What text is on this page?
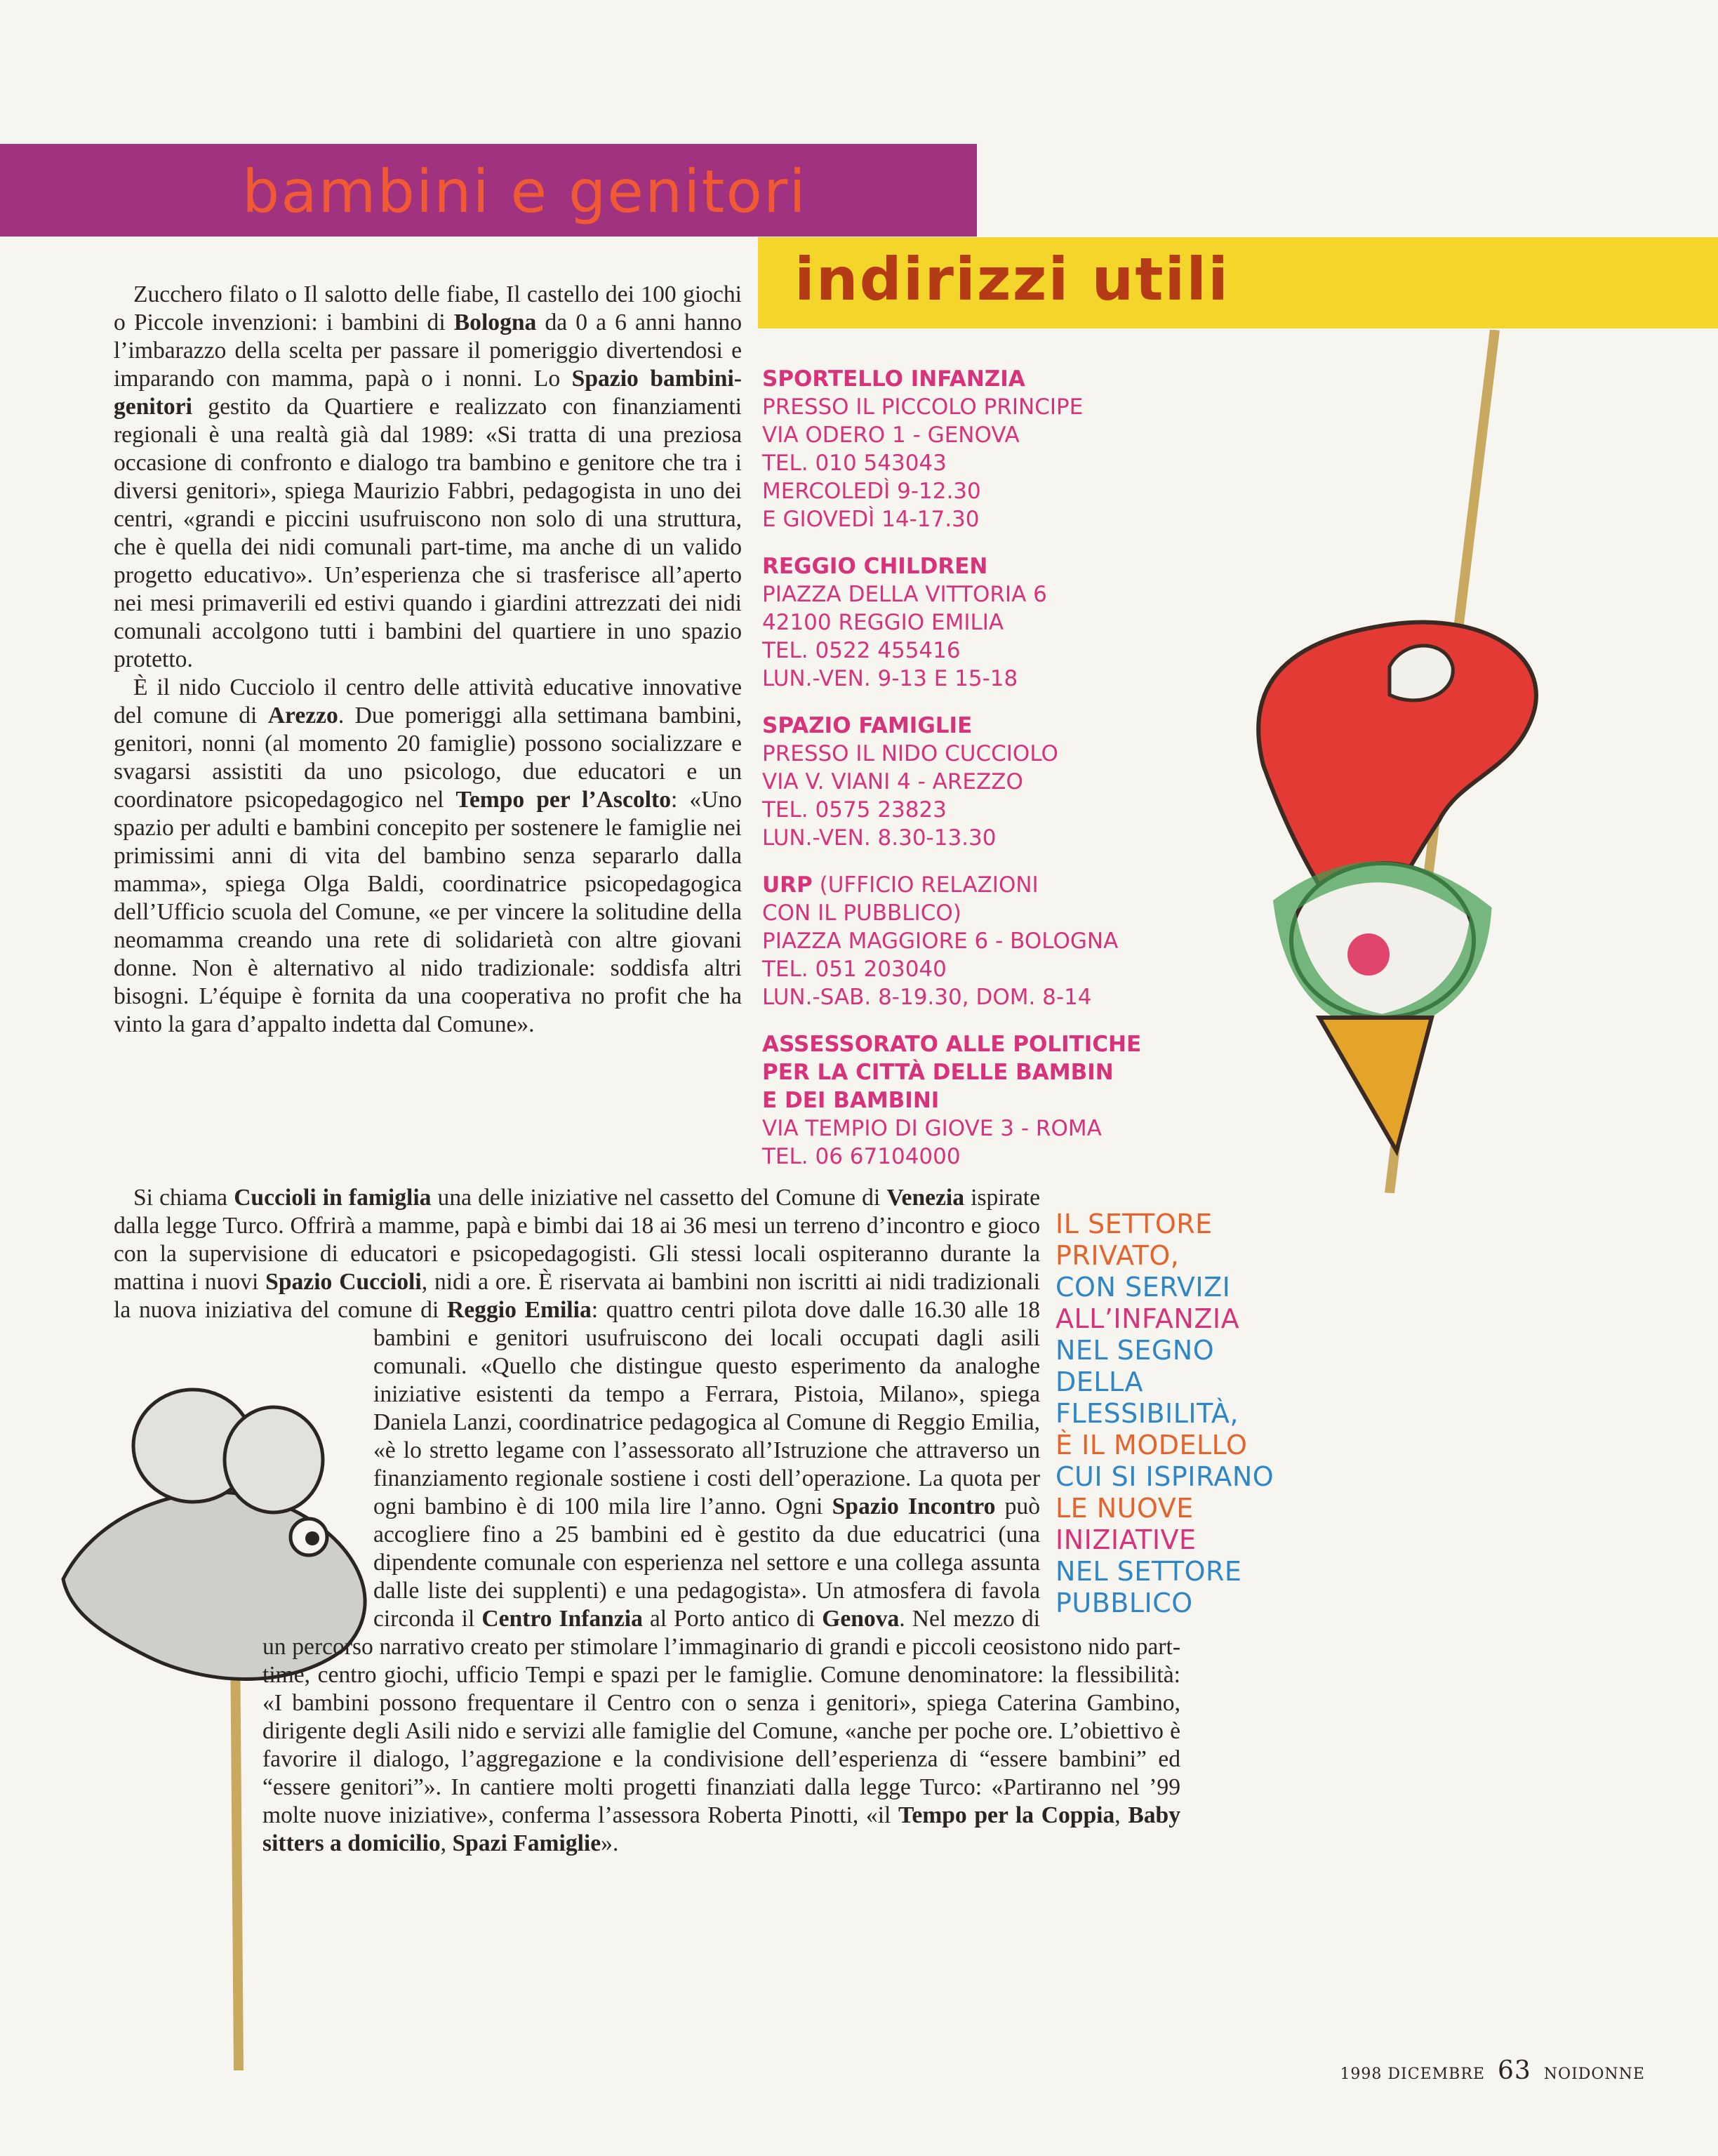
bambini e genitori
indirizzi utili

Zucchero filato o Il salotto delle fiabe, Il castello dei 100 giochi o Piccole invenzioni: i bambini di Bologna da 0 a 6 anni hanno l’imbarazzo della scelta per passare il pomeriggio divertendosi e imparando con mamma, papà o i nonni. Lo Spazio bambini-genitori gestito da Quartiere e realizzato con finanziamenti regionali è una realtà già dal 1989: «Si tratta di una preziosa occasione di confronto e dialogo tra bambino e genitore che tra i diversi genitori», spiega Maurizio Fabbri, pedagogista in uno dei centri, «grandi e piccini usufruiscono non solo di una struttura, che è quella dei nidi comunali part-time, ma anche di un valido progetto educativo». Un’esperienza che si trasferisce all’aperto nei mesi primaverili ed estivi quando i giardini attrezzati dei nidi comunali accolgono tutti i bambini del quartiere in uno spazio protetto.

È il nido Cucciolo il centro delle attività educative innovative del comune di Arezzo. Due pomeriggi alla settimana bambini, genitori, nonni (al momento 20 famiglie) possono socializzare e svagarsi assistiti da uno psicologo, due educatori e un coordinatore psicopedagogico nel Tempo per l’Ascolto: «Uno spazio per adulti e bambini concepito per sostenere le famiglie nei primissimi anni di vita del bambino senza separarlo dalla mamma», spiega Olga Baldi, coordinatrice psicopedagogica dell’Ufficio scuola del Comune, «e per vincere la solitudine della neomamma creando una rete di solidarietà con altre giovani donne. Non è alternativo al nido tradizionale: soddisfa altri bisogni. L’équipe è fornita da una cooperativa no profit che ha vinto la gara d’appalto indetta dal Comune».

Si chiama Cuccioli in famiglia una delle iniziative nel cassetto del Comune di Venezia ispirate dalla legge Turco. Offrirà a mamme, papà e bimbi dai 18 ai 36 mesi un terreno d’incontro e gioco con la supervisione di educatori e psicopedagogisti. Gli stessi locali ospiteranno durante la mattina i nuovi Spazio Cuccioli, nidi a ore. È riservata ai bambini non iscritti ai nidi tradizionali la nuova iniziativa del comune di Reggio Emilia: quattro centri pilota dove dalle 16.30 alle 18 bambini e genitori usufruiscono dei locali occupati dagli asili comunali. «Quello che distingue questo esperimento da analoghe iniziative esistenti da tempo a Ferrara, Pistoia, Milano», spiega Daniela Lanzi, coordinatrice pedagogica al Comune di Reggio Emilia, «è lo stretto legame con l’assessorato all’Istruzione che attraverso un finanziamento regionale sostiene i costi dell’operazione. La quota per ogni bambino è di 100 mila lire l’anno. Ogni Spazio Incontro può accogliere fino a 25 bambini ed è gestito da due educatrici (una dipendente comunale con esperienza nel settore e una collega assunta dalle liste dei supplenti) e una pedagogista». Un atmosfera di favola circonda il Centro Infanzia al Porto antico di Genova. Nel mezzo di un percorso narrativo creato per stimolare l’immaginario di grandi e piccoli ceosistono nido part-time, centro giochi, ufficio Tempi e spazi per le famiglie. Comune denominatore: la flessibilità: «I bambini possono frequentare il Centro con o senza i genitori», spiega Caterina Gambino, dirigente degli Asili nido e servizi alle famiglie del Comune, «anche per poche ore. L’obiettivo è favorire il dialogo, l’aggregazione e la condivisione dell’esperienza di “essere bambini” ed “essere genitori”». In cantiere molti progetti finanziati dalla legge Turco: «Partiranno nel ’99 molte nuove iniziative», conferma l’assessora Roberta Pinotti, «il Tempo per la Coppia, Baby sitters a domicilio, Spazi Famiglie».

SPORTELLO INFANZIA
PRESSO IL PICCOLO PRINCIPE
VIA ODERO 1 - GENOVA
TEL. 010 543043
MERCOLEDÌ 9-12.30
E GIOVEDÌ 14-17.30
REGGIO CHILDREN
PIAZZA DELLA VITTORIA 6
42100 REGGIO EMILIA
TEL. 0522 455416
LUN.-VEN. 9-13 E 15-18
SPAZIO FAMIGLIE
PRESSO IL NIDO CUCCIOLO
VIA V. VIANI 4 - AREZZO
TEL. 0575 23823
LUN.-VEN. 8.30-13.30
URP (UFFICIO RELAZIONI
CON IL PUBBLICO)
PIAZZA MAGGIORE 6 - BOLOGNA
TEL. 051 203040
LUN.-SAB. 8-19.30, DOM. 8-14
ASSESSORATO ALLE POLITICHE
PER LA CITTÀ DELLE BAMBIN
E DEI BAMBINI
VIA TEMPIO DI GIOVE 3 - ROMA
TEL. 06 67104000
IL SETTORE
PRIVATO,
CON SERVIZI
ALL’INFANZIA
NEL SEGNO
DELLA
FLESSIBILITÀ,
È IL MODELLO
CUI SI ISPIRANO
LE NUOVE
INIZIATIVE
NEL SETTORE
PUBBLICO
1998 DICEMBRE 63 NOIDONNE
